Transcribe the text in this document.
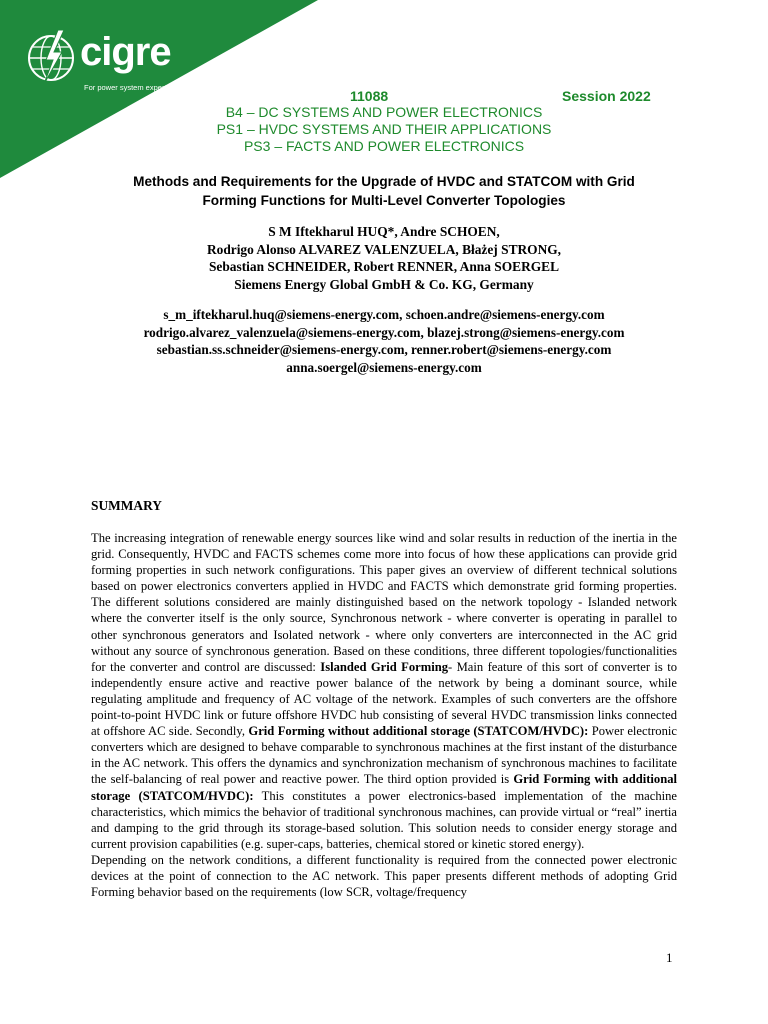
cigre
For power system expertise
11088	Session 2022
B4 – DC SYSTEMS AND POWER ELECTRONICS
PS1 – HVDC SYSTEMS AND THEIR APPLICATIONS
PS3 – FACTS AND POWER ELECTRONICS
Methods and Requirements for the Upgrade of HVDC and STATCOM with Grid
Forming Functions for Multi-Level Converter Topologies
S M Iftekharul HUQ*, Andre SCHOEN,
Rodrigo Alonso ALVAREZ VALENZUELA, Błażej STRONG,
Sebastian SCHNEIDER, Robert RENNER, Anna SOERGEL
Siemens Energy Global GmbH & Co. KG, Germany
s_m_iftekharul.huq@siemens-energy.com, schoen.andre@siemens-energy.com
rodrigo.alvarez_valenzuela@siemens-energy.com, blazej.strong@siemens-energy.com
sebastian.ss.schneider@siemens-energy.com, renner.robert@siemens-energy.com
anna.soergel@siemens-energy.com
SUMMARY

The increasing integration of renewable energy sources like wind and solar results in reduction of the inertia in the grid. Consequently, HVDC and FACTS schemes come more into focus of how these applications can provide grid forming properties in such network configurations. This paper gives an overview of different technical solutions based on power electronics converters applied in HVDC and FACTS which demonstrate grid forming properties. The different solutions considered are mainly distinguished based on the network topology - Islanded network where the converter itself is the only source, Synchronous network - where converter is operating in parallel to other synchronous generators and Isolated network - where only converters are interconnected in the AC grid without any source of synchronous generation. Based on these conditions, three different topologies/functionalities for the converter and control are discussed: Islanded Grid Forming- Main feature of this sort of converter is to independently ensure active and reactive power balance of the network by being a dominant source, while regulating amplitude and frequency of AC voltage of the network. Examples of such converters are the offshore point-to-point HVDC link or future offshore HVDC hub consisting of several HVDC transmission links connected at offshore AC side. Secondly, Grid Forming without additional storage (STATCOM/HVDC): Power electronic converters which are designed to behave comparable to synchronous machines at the first instant of the disturbance in the AC network. This offers the dynamics and synchronization mechanism of synchronous machines to facilitate the self-balancing of real power and reactive power. The third option provided is Grid Forming with additional storage (STATCOM/HVDC): This constitutes a power electronics-based implementation of the machine characteristics, which mimics the behavior of traditional synchronous machines, can provide virtual or “real” inertia and damping to the grid through its storage-based solution. This solution needs to consider energy storage and current provision capabilities (e.g. super-caps, batteries, chemical stored or kinetic stored energy).

Depending on the network conditions, a different functionality is required from the connected power electronic devices at the point of connection to the AC network. This paper presents different methods of adopting Grid Forming behavior based on the requirements (low SCR, voltage/frequency

1
